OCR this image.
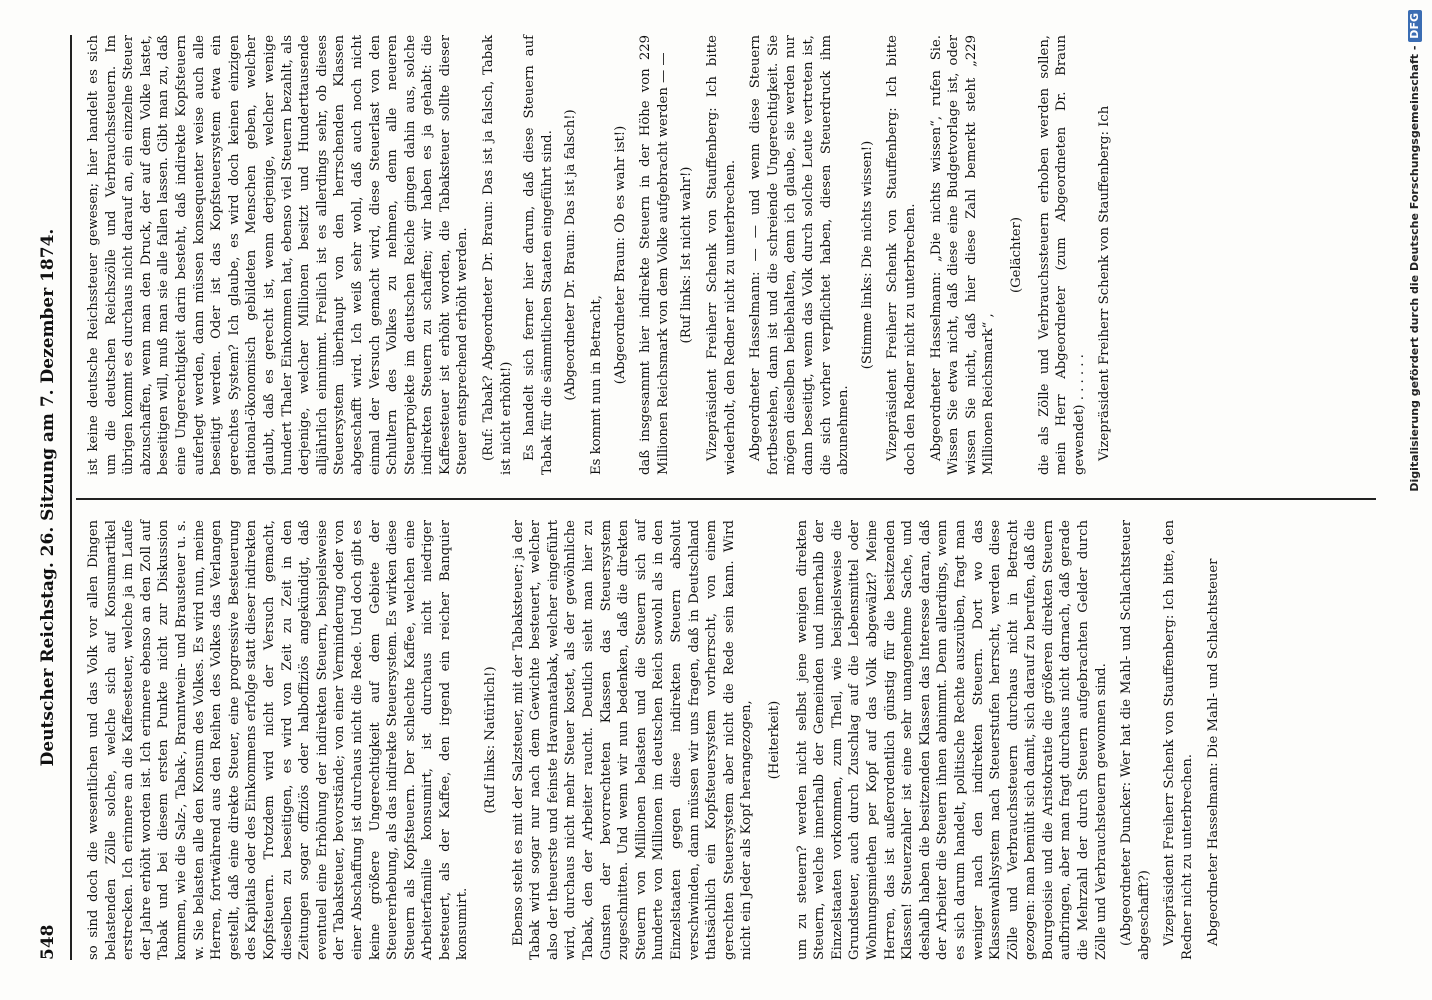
548
Deutscher Reichstag. 26. Sitzung am 7. Dezember 1874. so sind doch die wesentlichen und das Volk vor allen Dingen belastenden Zölle solche, welche sich auf Konsumartikel erstrecken. Ich erinnere an die Kaffeesteuer, welche ja im Laufe der Jahre erhöht worden ist. Ich erinnere ebenso an den Zoll auf Tabak und bei diesem ersten Punkte nicht zur Diskussion kommen, wie die Salz-, Tabak-, Branntwein- und Brausteuer u. s. w. Sie belasten alle den Konsum des Volkes. Es wird nun, meine Herren, fortwährend aus den Reihen des Volkes das Verlangen gestellt, daß eine direkte Steuer, eine progressive Besteuerung des Kapitals oder des Einkommens erfolge statt dieser indirekten Kopfsteuern. Trotzdem wird nicht der Versuch gemacht, dieselben zu beseitigen, es wird von Zeit zu Zeit in den Zeitungen sogar offiziös oder halboffiziös angekündigt, daß eventuell eine Erhöhung der indirekten Steuern, beispielsweise der Tabaksteuer, bevorstände; von einer Verminderung oder von einer Abschaffung ist durchaus nicht die Rede. Und doch gibt es keine größere Ungerechtigkeit auf dem Gebiete der Steuererhebung, als das indirekte Steuersystem. Es wirken diese Steuern als Kopfsteuern. Der schlechte Kaffee, welchen eine Arbeiterfamilie konsumirt, ist durchaus nicht niedriger besteuert, als der Kaffee, den irgend ein reicher Banquier konsumirt.

(Ruf links: Natürlich!) Ebenso steht es mit der Salzsteuer, mit der Tabaksteuer; ja der Tabak wird sogar nur nach dem Gewichte besteuert, welcher also der theuerste und feinste Havannatabak, welcher eingeführt wird, durchaus nicht mehr Steuer kostet, als der gewöhnliche Tabak, den der Arbeiter raucht. Deutlich sieht man hier zu Gunsten der bevorrechteten Klassen das Steuersystem zugeschnitten. Und wenn wir nun bedenken, daß die direkten Steuern von Millionen belasten und die Steuern sich auf hunderte von Millionen im deutschen Reich sowohl als in den Einzelstaaten gegen diese indirekten Steuern absolut verschwinden, dann müssen wir uns fragen, daß in Deutschland thatsächlich ein Kopfsteuersystem vorherrscht, von einem gerechten Steuersystem aber nicht die Rede sein kann. Wird nicht ein Jeder als Kopf herangezogen, (Heiterkeit) um zu steuern? werden nicht selbst jene wenigen direkten Steuern, welche innerhalb der Gemeinden und innerhalb der Einzelstaaten vorkommen, zum Theil, wie beispielsweise die Grundsteuer, auch durch Zuschlag auf die Lebensmittel oder Wohnungsmiethen per Kopf auf das Volk abgewälzt? Meine Herren, das ist außerordentlich günstig für die besitzenden Klassen! Steuerzahler ist eine sehr unangenehme Sache, und deshalb haben die besitzenden Klassen das Interesse daran, daß der Arbeiter die Steuern ihnen abnimmt. Denn allerdings, wenn es sich darum handelt, politische Rechte auszuüben, fragt man weniger nach den indirekten Steuern. Dort wo das Klassenwahlsystem nach Steuerstufen herrscht, werden diese Zölle und Verbrauchssteuern durchaus nicht in Betracht gezogen: man bemüht sich damit, sich darauf zu berufen, daß die Bourgeoisie und die Aristokratie die größeren direkten Steuern aufbringen, aber man fragt durchaus nicht darnach, daß gerade die Mehrzahl der durch Steuern aufgebrachten Gelder durch Zölle und Verbrauchsteuern gewonnen sind. (Abgeordneter Duncker: Wer hat die Mahl- und Schlachtsteuer abgeschafft?) Vizepräsident Freiherr Schenk von Stauffenberg: Ich bitte, den Redner nicht zu unterbrechen. Abgeordneter Hasselmann: Die Mahl- und Schlachtsteuer

ist keine deutsche Reichssteuer gewesen; hier handelt es sich um die deutschen Reichszölle und Verbrauchssteuern. Im übrigen kommt es durchaus nicht darauf an, ein einzelne Steuer abzuschaffen, wenn man den Druck, der auf dem Volke lastet, beseitigen will, muß man sie alle fallen lassen. Gibt man zu, daß eine Ungerechtigkeit darin besteht, daß indirekte Kopfsteuern auferlegt werden, dann müssen konsequenter weise auch alle beseitigt werden. Oder ist das Kopfsteuersystem etwa ein gerechtes System? Ich glaube, es wird doch keinen einzigen national-ökonomisch gebildeten Menschen geben, welcher glaubt, daß es gerecht ist, wenn derjenige, welcher wenige hundert Thaler Einkommen hat, ebenso viel Steuern bezahlt, als derjenige, welcher Millionen besitzt und Hunderttausende alljährlich einnimmt. Freilich ist es allerdings sehr, ob dieses Steuersystem überhaupt von den herrschenden Klassen abgeschafft wird. Ich weiß sehr wohl, daß auch noch nicht einmal der Versuch gemacht wird, diese Steuerlast von den Schultern des Volkes zu nehmen, denn alle neueren Steuerprojekte im deutschen Reiche gingen dahin aus, solche indirekten Steuern zu schaffen; wir haben es ja gehabt: die Kaffeesteuer ist erhöht worden, die Tabaksteuer sollte dieser Steuer entsprechend erhöht werden. (Ruf: Tabak? Abgeordneter Dr. Braun: Das ist ja falsch, Tabak ist nicht erhöht!) Es handelt sich ferner hier darum, daß diese Steuern auf Tabak für die sämmtlichen Staaten eingeführt sind. (Abgeordneter Dr. Braun: Das ist ja falsch!) Es kommt nun in Betracht,

(Abgeordneter Braun: Ob es wahr ist!) daß insgesammt hier indirekte Steuern in der Höhe von 229 Millionen Reichsmark von dem Volke aufgebracht werden — — (Ruf links: Ist nicht wahr!) Vizepräsident Freiherr Schenk von Stauffenberg: Ich bitte wiederholt, den Redner nicht zu unterbrechen. Abgeordneter Hasselmann: — — und wenn diese Steuern fortbestehen, dann ist und die schreiende Ungerechtigkeit. Sie mögen dieselben beibehalten, denn ich glaube, sie werden nur dann beseitigt, wenn das Volk durch solche Leute vertreten ist, die sich vorher verpflichtet haben, diesen Steuerdruck ihm abzunehmen.

(Stimme links: Die nichts wissen!) Vizepräsident Freiherr Schenk von Stauffenberg: Ich bitte doch den Redner nicht zu unterbrechen. Abgeordneter Hasselmann: „Die nichts wissen“, rufen Sie. Wissen Sie etwa nicht, daß diese eine Budgetvorlage ist, oder wissen Sie nicht, daß hier diese Zahl bemerkt steht „229 Millionen Reichsmark“ ,

(Gelächter) die als Zölle und Verbrauchssteuern erhoben werden sollen, mein Herr Abgeordneter (zum Abgeordneten Dr. Braun gewendet) . . . . . . Vizepräsident Freiherr Schenk von Stauffenberg: Ich	Digitalisierung gefördert durch die Deutsche Forschungsgemeinschaft - DFG
